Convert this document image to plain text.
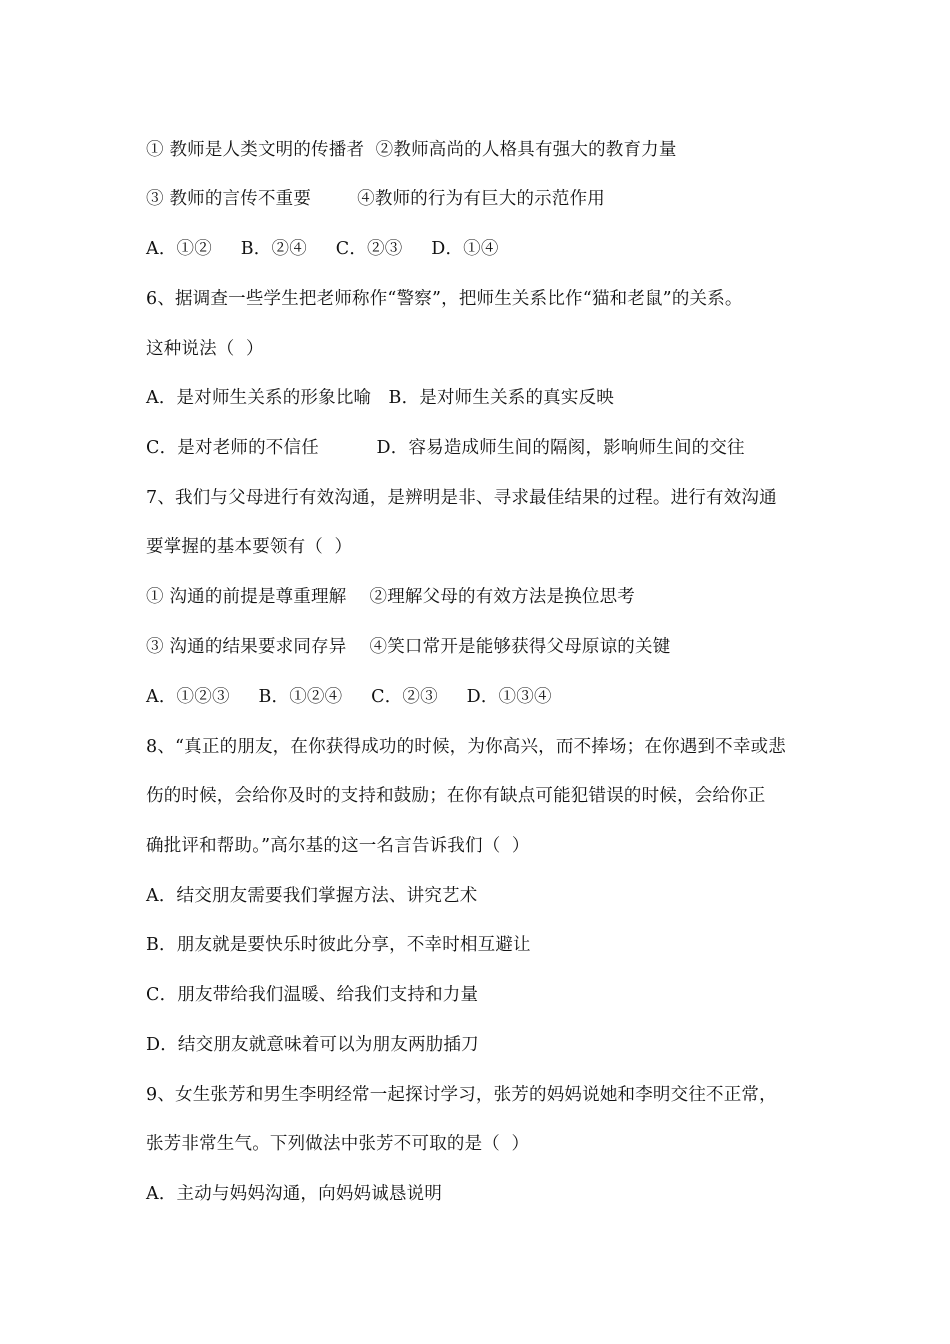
① 教师是人类文明的传播者  ②教师高尚的人格具有强大的教育力量
③ 教师的言传不重要        ④教师的行为有巨大的示范作用
A．①②     B．②④     C．②③     D．①④
6、据调查一些学生把老师称作“警察”，把师生关系比作“猫和老鼠”的关系。
这种说法（  ）
A．是对师生关系的形象比喻   B．是对师生关系的真实反映
C．是对老师的不信任          D．容易造成师生间的隔阂，影响师生间的交往
7、我们与父母进行有效沟通，是辨明是非、寻求最佳结果的过程。进行有效沟通
要掌握的基本要领有（  ）
① 沟通的前提是尊重理解    ②理解父母的有效方法是换位思考
③ 沟通的结果要求同存异    ④笑口常开是能够获得父母原谅的关键
A．①②③     B．①②④     C．②③     D．①③④
8、“真正的朋友，在你获得成功的时候，为你高兴，而不捧场；在你遇到不幸或悲
伤的时候，会给你及时的支持和鼓励；在你有缺点可能犯错误的时候，会给你正
确批评和帮助。”高尔基的这一名言告诉我们（  ）
A．结交朋友需要我们掌握方法、讲究艺术
B．朋友就是要快乐时彼此分享，不幸时相互避让
C．朋友带给我们温暖、给我们支持和力量
D．结交朋友就意味着可以为朋友两肋插刀
9、女生张芳和男生李明经常一起探讨学习，张芳的妈妈说她和李明交往不正常，
张芳非常生气。下列做法中张芳不可取的是（  ）
A．主动与妈妈沟通，向妈妈诚恳说明
